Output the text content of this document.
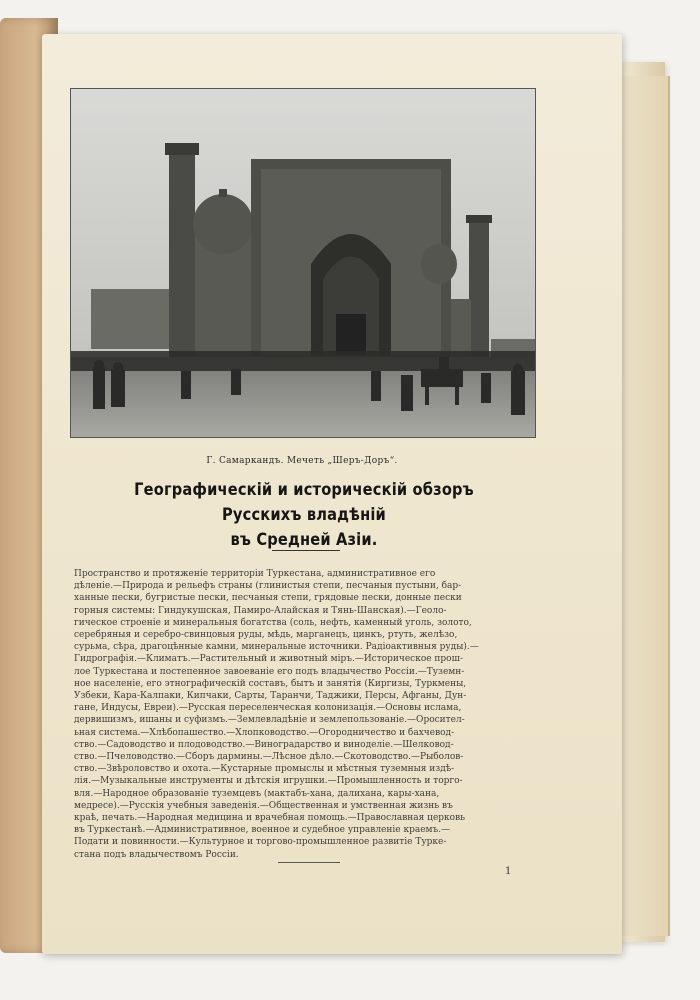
Г. Самаркандъ. Мечеть „Шеръ-Доръ“.
Географическій и историческій обзоръ Русскихъ владѣній
въ Средней Азіи.
Пространство и протяженіе территоріи Туркестана, административное его
дѣленіе.—Природа и рельефъ страны (глинистыя степи, песчаныя пустыни, бар-
ханные пески, бугристые пески, песчаныя степи, грядовые пески, донные пески
горныя системы: Гиндукушская, Памиро-Алайская и Тянь-Шанская).—Геоло-
гическое строеніе и минеральныя богатства (соль, нефть, каменный уголь, золото,
серебряныя и серебро-свинцовыя руды, мѣдь, марганецъ, цинкъ, ртуть, желѣзо,
сурьма, сѣра, драгоцѣнные камни, минеральные источники. Радіоактивныя руды).—
Гидрографія.—Климатъ.—Растительный и животный міръ.—Историческое прош-
лое Туркестана и постепенное завоеваніе его подъ владычество Россіи.—Туземн-
ное населеніе, его этнографическій составъ, бытъ и занятія (Киргизы, Туркмены,
Узбеки, Кара-Калпаки, Кипчаки, Сарты, Таранчи, Таджики, Персы, Афганы, Дун-
гане, Индусы, Евреи).—Русская переселенческая колонизація.—Основы ислама,
дервишизмъ, ишаны и суфизмъ.—Землевладѣніе и землепользованіе.—Оросител-
ьная система.—Хлѣбопашество.—Хлопководство.—Огородничество и бахчевод-
ство.—Садоводство и плодоводство.—Виноградарство и виноделіе.—Шелковод-
ство.—Пчеловодство.—Сборъ дармины.—Лѣсное дѣло.—Скотоводство.—Рыболов-
ство.—Звѣроловство и охота.—Кустарные промыслы и мѣстныя туземныя издѣ-
лія.—Музыкальные инструменты и дѣтскія игрушки.—Промышленность и торго-
вля.—Народное образованіе туземцевъ (мактабъ-хана, далихана, кары-хана,
медресе).—Русскія учебныя заведенія.—Общественная и умственная жизнь въ
краѣ, печать.—Народная медицина и врачебная помощь.—Православная церковь
въ Туркестанѣ.—Административное, военное и судебное управленіе краемъ.—
Подати и повинности.—Культурное и торгово-промышленное развитіе Турке-
стана подъ владычествомъ Россіи.
1
